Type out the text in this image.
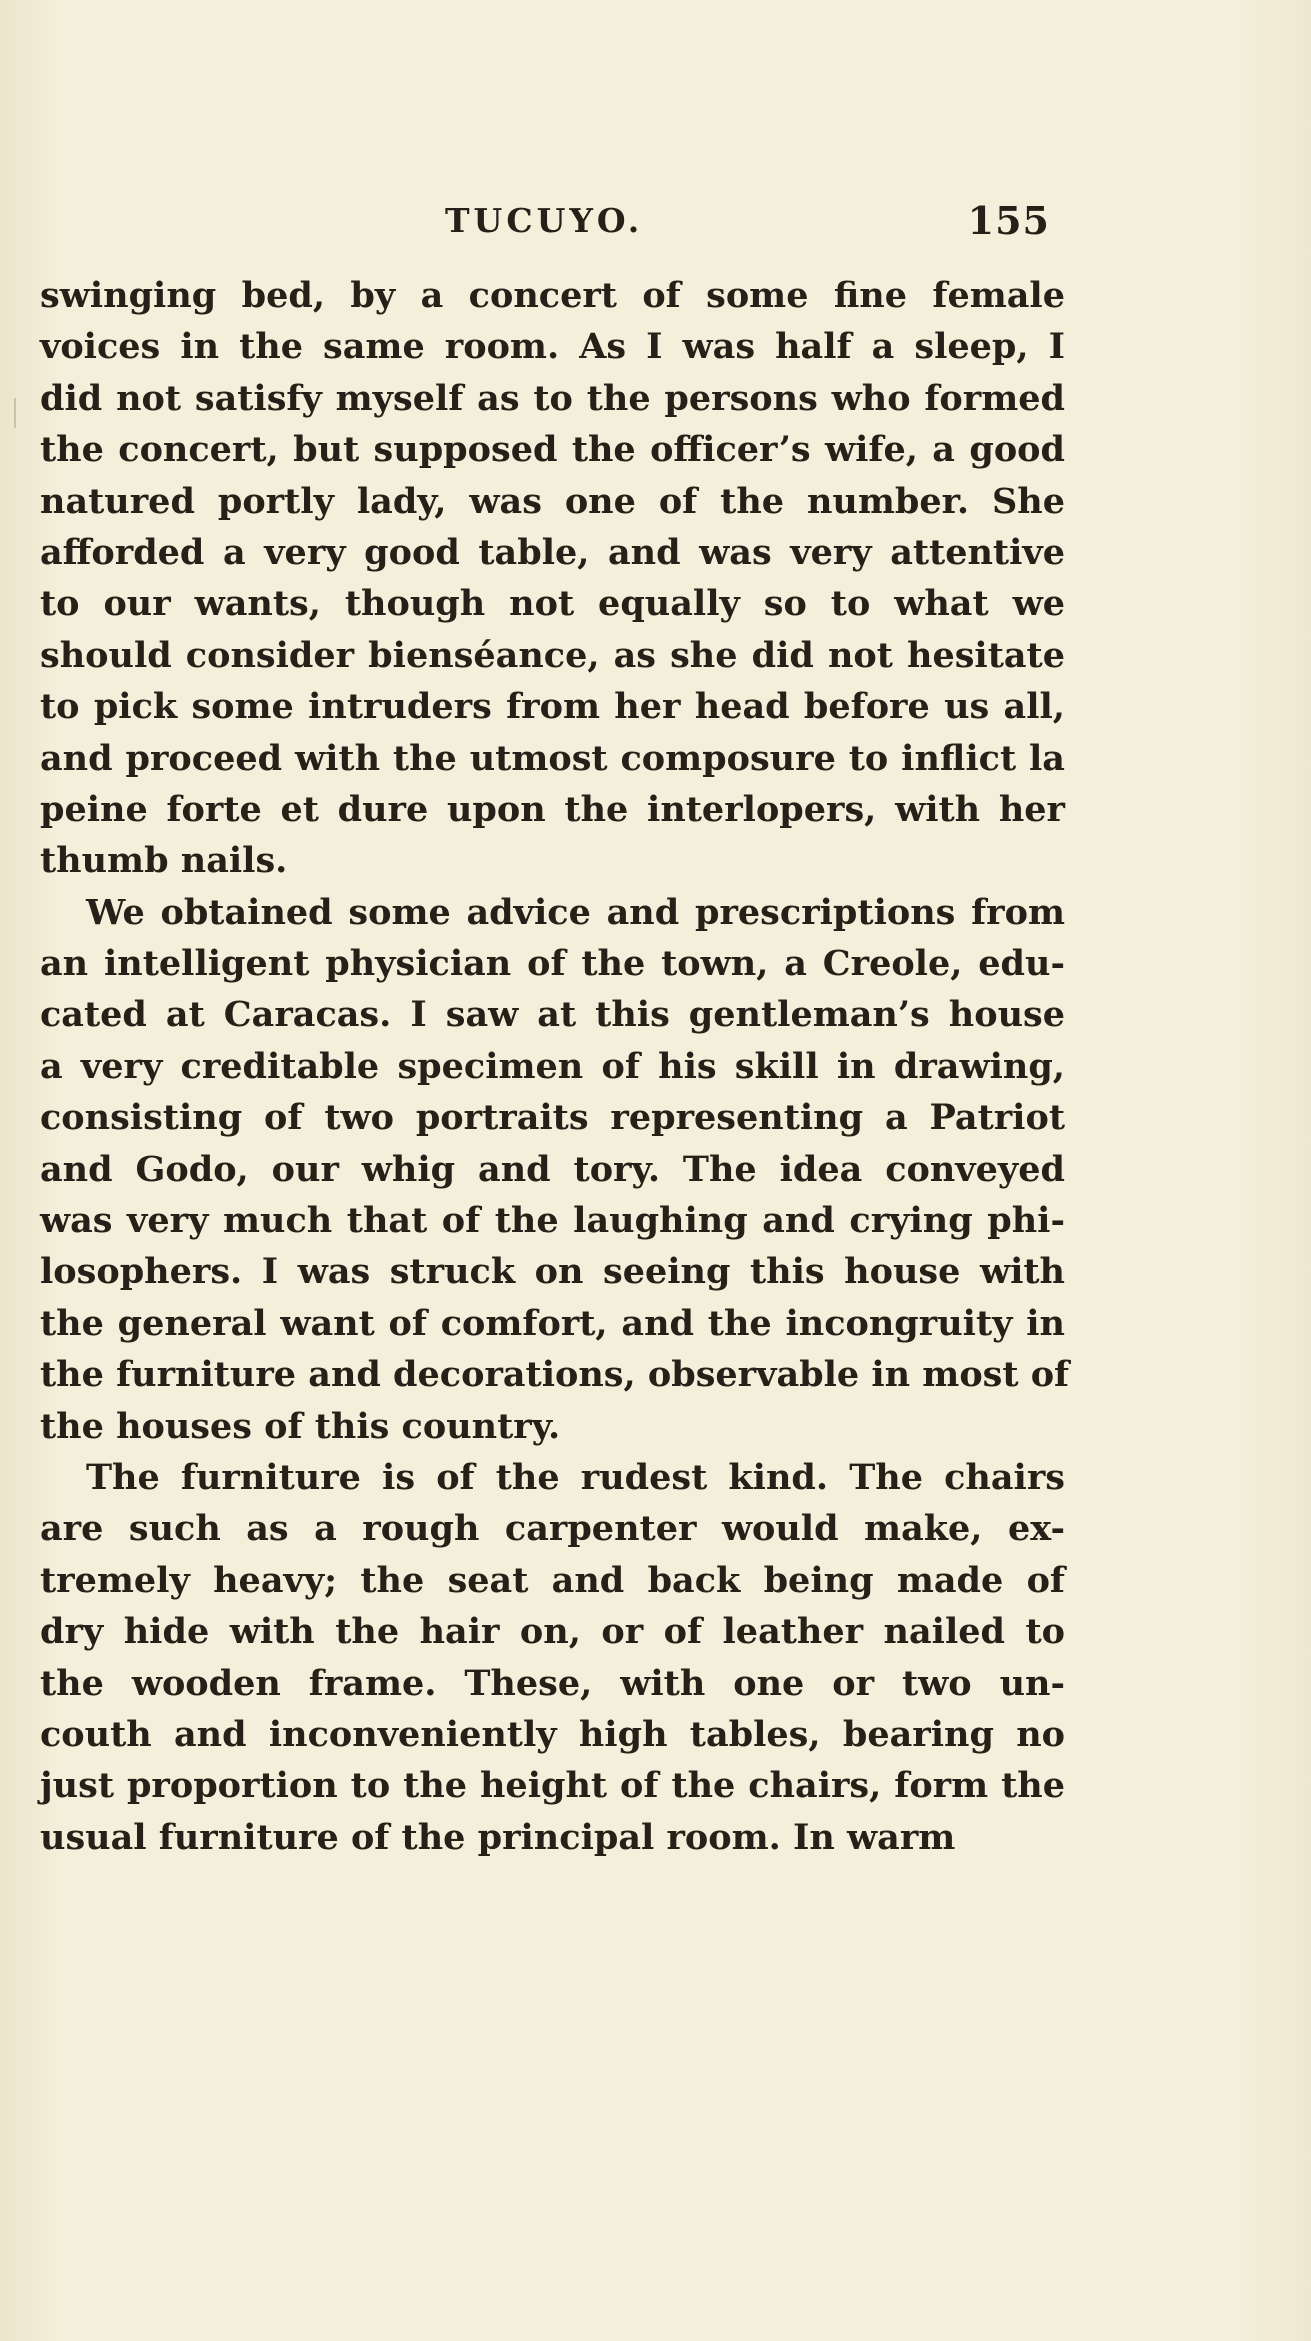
TUCUYO.	155
swinging bed, by a concert of some fine female
voices in the same room. As I was half a sleep, I
did not satisfy myself as to the persons who formed
the concert, but supposed the officer’s wife, a good
natured portly lady, was one of the number. She
afforded a very good table, and was very attentive
to our wants, though not equally so to what we
should consider bienséance, as she did not hesitate
to pick some intruders from her head before us all,
and proceed with the utmost composure to inflict la
peine forte et dure upon the interlopers, with her
thumb nails.
We obtained some advice and prescriptions from
an intelligent physician of the town, a Creole, edu-
cated at Caracas. I saw at this gentleman’s house
a very creditable specimen of his skill in drawing,
consisting of two portraits representing a Patriot
and Godo, our whig and tory. The idea conveyed
was very much that of the laughing and crying phi-
losophers. I was struck on seeing this house with
the general want of comfort, and the incongruity in
the furniture and decorations, observable in most of
the houses of this country.
The furniture is of the rudest kind. The chairs
are such as a rough carpenter would make, ex-
tremely heavy; the seat and back being made of
dry hide with the hair on, or of leather nailed to
the wooden frame. These, with one or two un-
couth and inconveniently high tables, bearing no
just proportion to the height of the chairs, form the
usual furniture of the principal room. In warm
